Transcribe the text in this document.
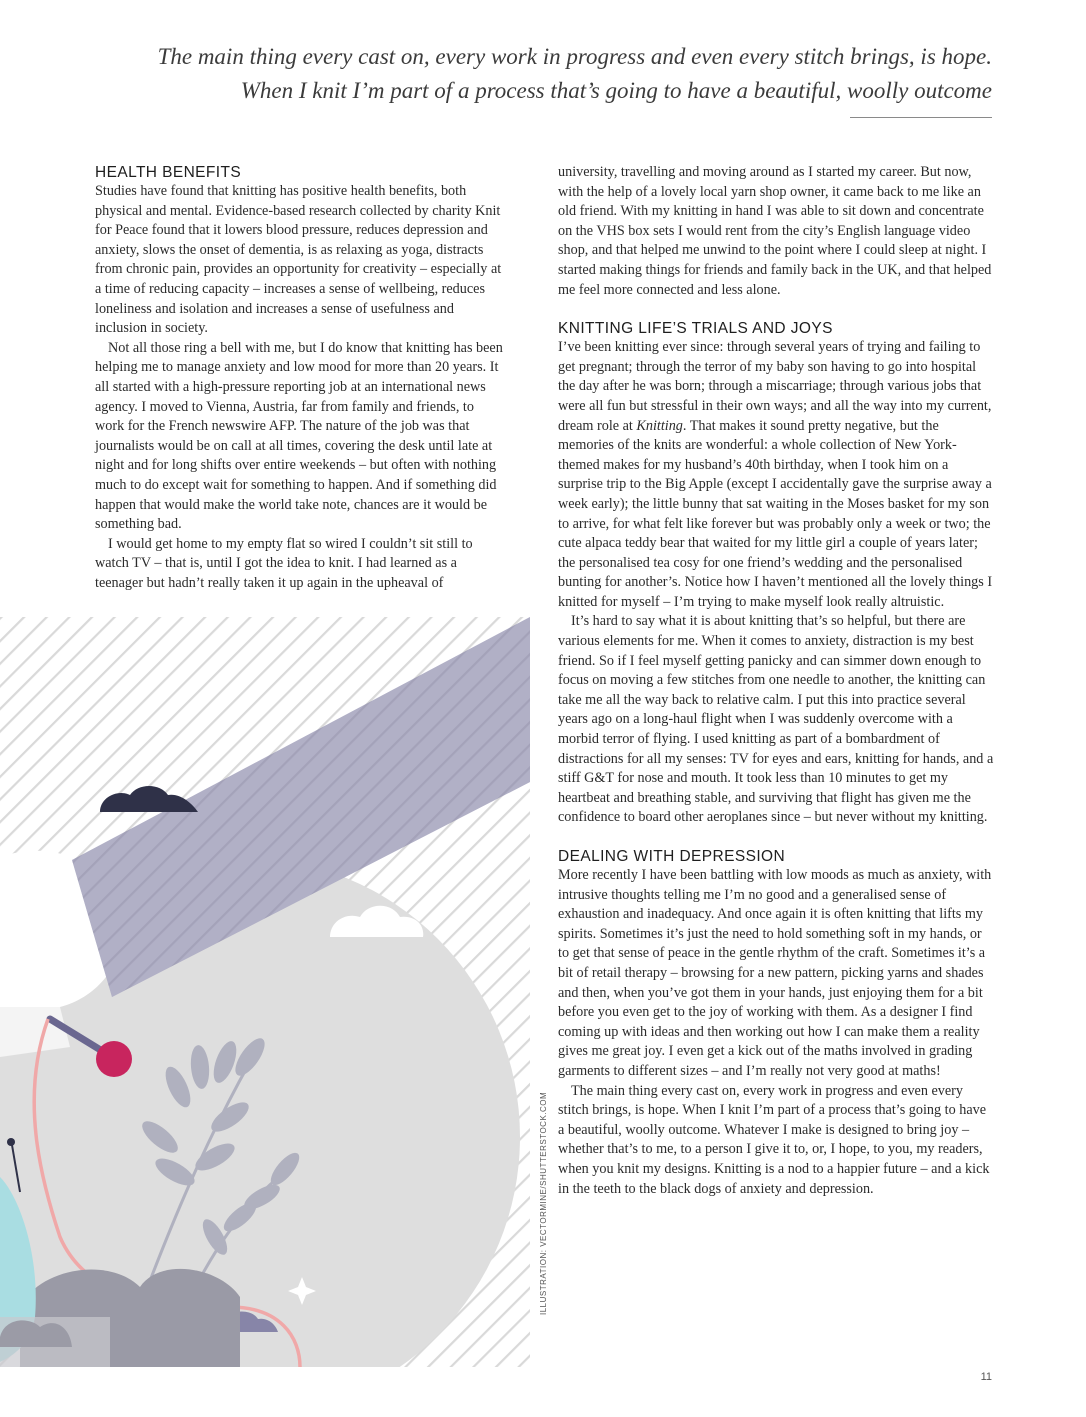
The main thing every cast on, every work in progress and even every stitch brings, is hope.

When I knit I’m part of a process that’s going to have a beautiful, woolly outcome

HEALTH BENEFITS

Studies have found that knitting has positive health benefits, both physical and mental. Evidence-based research collected by charity Knit for Peace found that it lowers blood pressure, reduces depression and anxiety, slows the onset of dementia, is as relaxing as yoga, distracts from chronic pain, provides an opportunity for creativity – especially at a time of reducing capacity – increases a sense of wellbeing, reduces loneliness and isolation and increases a sense of usefulness and inclusion in society.

Not all those ring a bell with me, but I do know that knitting has been helping me to manage anxiety and low mood for more than 20 years. It all started with a high-pressure reporting job at an international news agency. I moved to Vienna, Austria, far from family and friends, to work for the French newswire AFP. The nature of the job was that journalists would be on call at all times, covering the desk until late at night and for long shifts over entire weekends – but often with nothing much to do except wait for something to happen. And if something did happen that would make the world take note, chances are it would be something bad.

I would get home to my empty flat so wired I couldn’t sit still to watch TV – that is, until I got the idea to knit. I had learned as a teenager but hadn’t really taken it up again in the upheaval of

university, travelling and moving around as I started my career. But now, with the help of a lovely local yarn shop owner, it came back to me like an old friend. With my knitting in hand I was able to sit down and concentrate on the VHS box sets I would rent from the city’s English language video shop, and that helped me unwind to the point where I could sleep at night. I started making things for friends and family back in the UK, and that helped me feel more connected and less alone.

KNITTING LIFE’S TRIALS AND JOYS

I’ve been knitting ever since: through several years of trying and failing to get pregnant; through the terror of my baby son having to go into hospital the day after he was born; through a miscarriage; through various jobs that were all fun but stressful in their own ways; and all the way into my current, dream role at Knitting. That makes it sound pretty negative, but the memories of the knits are wonderful: a whole collection of New York-themed makes for my husband’s 40th birthday, when I took him on a surprise trip to the Big Apple (except I accidentally gave the surprise away a week early); the little bunny that sat waiting in the Moses basket for my son to arrive, for what felt like forever but was probably only a week or two; the cute alpaca teddy bear that waited for my little girl a couple of years later; the personalised tea cosy for one friend’s wedding and the personalised bunting for another’s. Notice how I haven’t mentioned all the lovely things I knitted for myself – I’m trying to make myself look really altruistic.

It’s hard to say what it is about knitting that’s so helpful, but there are various elements for me. When it comes to anxiety, distraction is my best friend. So if I feel myself getting panicky and can simmer down enough to focus on moving a few stitches from one needle to another, the knitting can take me all the way back to relative calm. I put this into practice several years ago on a long-haul flight when I was suddenly overcome with a morbid terror of flying. I used knitting as part of a bombardment of distractions for all my senses: TV for eyes and ears, knitting for hands, and a stiff G&T for nose and mouth. It took less than 10 minutes to get my heartbeat and breathing stable, and surviving that flight has given me the confidence to board other aeroplanes since – but never without my knitting.

DEALING WITH DEPRESSION

More recently I have been battling with low moods as much as anxiety, with intrusive thoughts telling me I’m no good and a generalised sense of exhaustion and inadequacy. And once again it is often knitting that lifts my spirits. Sometimes it’s just the need to hold something soft in my hands, or to get that sense of peace in the gentle rhythm of the craft. Sometimes it’s a bit of retail therapy – browsing for a new pattern, picking yarns and shades and then, when you’ve got them in your hands, just enjoying them for a bit before you even get to the joy of working with them. As a designer I find coming up with ideas and then working out how I can make them a reality gives me great joy. I even get a kick out of the maths involved in grading garments to different sizes – and I’m really not very good at maths!

The main thing every cast on, every work in progress and even every stitch brings, is hope. When I knit I’m part of a process that’s going to have a beautiful, woolly outcome. Whatever I make is designed to bring joy – whether that’s to me, to a person I give it to, or, I hope, to you, my readers, when you knit my designs. Knitting is a nod to a happier future – and a kick in the teeth to the black dogs of anxiety and depression.

ILLUSTRATION: VECTORMINE/SHUTTERSTOCK.COM
11
